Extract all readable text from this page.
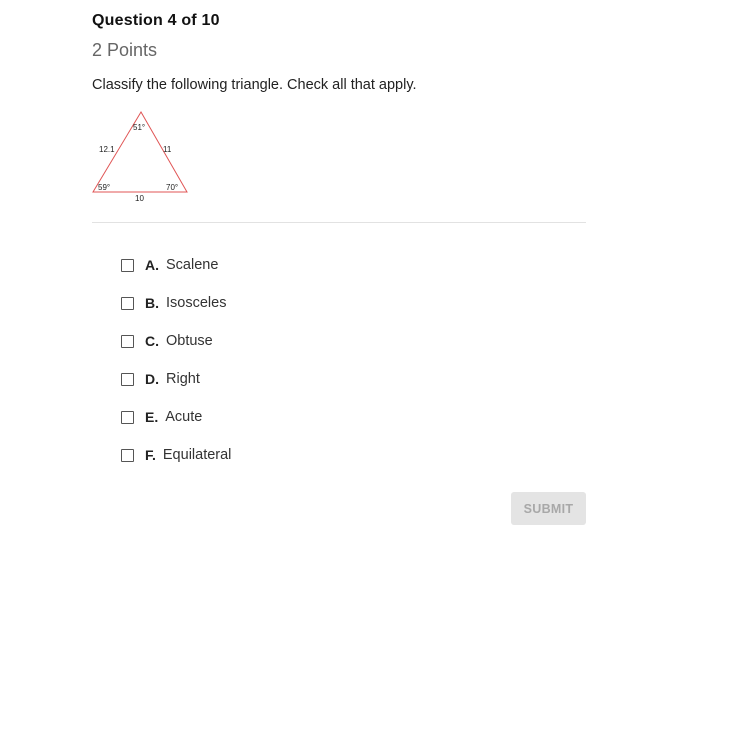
Question 4 of 10
2 Points
Classify the following triangle. Check all that apply.
51°
12.1	11
59°	70°
10
A. Scalene
B. Isosceles
C. Obtuse
D. Right
E. Acute
F. Equilateral
SUBMIT
